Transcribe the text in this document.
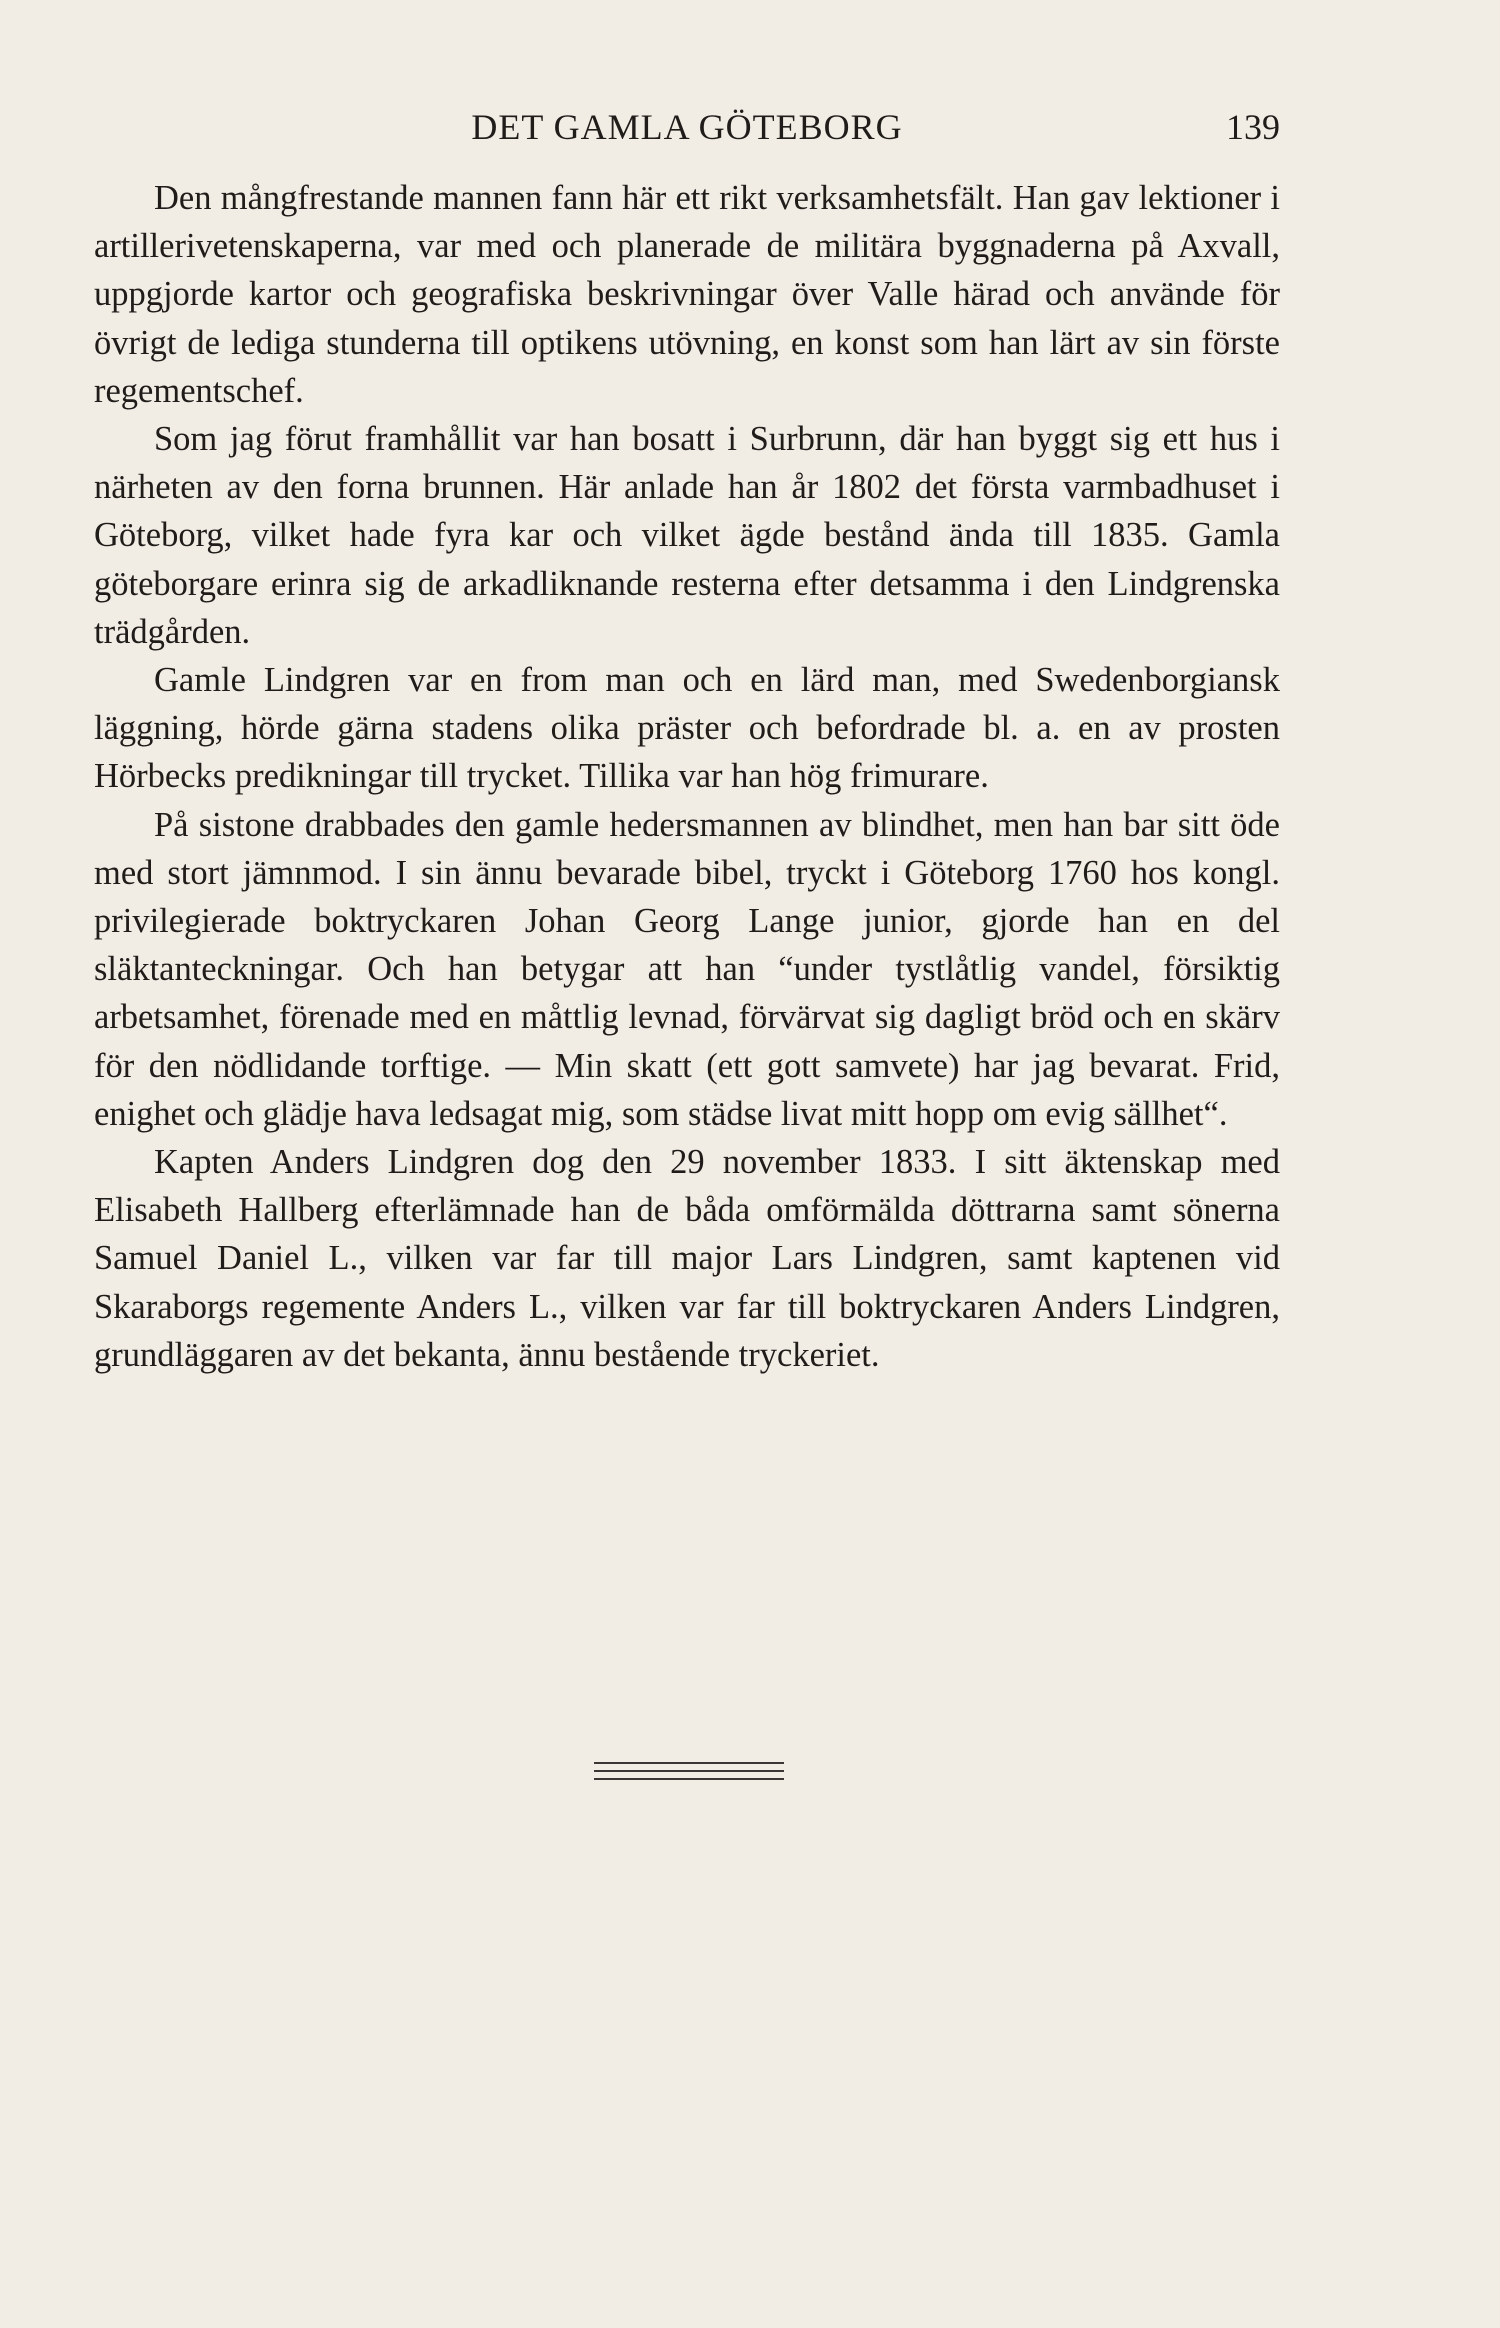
DET GAMLA GÖTEBORG	139

Den mångfrestande mannen fann här ett rikt verksamhetsfält. Han gav lektioner i artillerivetenskaperna, var med och planerade de militära byggnaderna på Axvall, uppgjorde kartor och geografiska beskrivningar över Valle härad och använde för övrigt de lediga stunderna till optikens utövning, en konst som han lärt av sin förste regementschef.

Som jag förut framhållit var han bosatt i Surbrunn, där han byggt sig ett hus i närheten av den forna brunnen. Här anlade han år 1802 det första varmbadhuset i Göteborg, vilket hade fyra kar och vilket ägde bestånd ända till 1835. Gamla göteborgare erinra sig de arkadliknande resterna efter detsamma i den Lindgrenska trädgården.

Gamle Lindgren var en from man och en lärd man, med Swedenborgiansk läggning, hörde gärna stadens olika präster och befordrade bl. a. en av prosten Hörbecks predikningar till trycket. Tillika var han hög frimurare.

På sistone drabbades den gamle hedersmannen av blindhet, men han bar sitt öde med stort jämnmod. I sin ännu bevarade bibel, tryckt i Göteborg 1760 hos kongl. privilegierade boktryckaren Johan Georg Lange junior, gjorde han en del släktanteckningar. Och han betygar att han “under tystlåtlig vandel, försiktig arbetsamhet, förenade med en måttlig levnad, förvärvat sig dagligt bröd och en skärv för den nödlidande torftige. — Min skatt (ett gott samvete) har jag bevarat. Frid, enighet och glädje hava ledsagat mig, som städse livat mitt hopp om evig sällhet“.

Kapten Anders Lindgren dog den 29 november 1833. I sitt äktenskap med Elisabeth Hallberg efterlämnade han de båda omförmälda döttrarna samt sönerna Samuel Daniel L., vilken var far till major Lars Lindgren, samt kaptenen vid Skaraborgs regemente Anders L., vilken var far till boktryckaren Anders Lindgren, grundläggaren av det bekanta, ännu bestående tryckeriet.
